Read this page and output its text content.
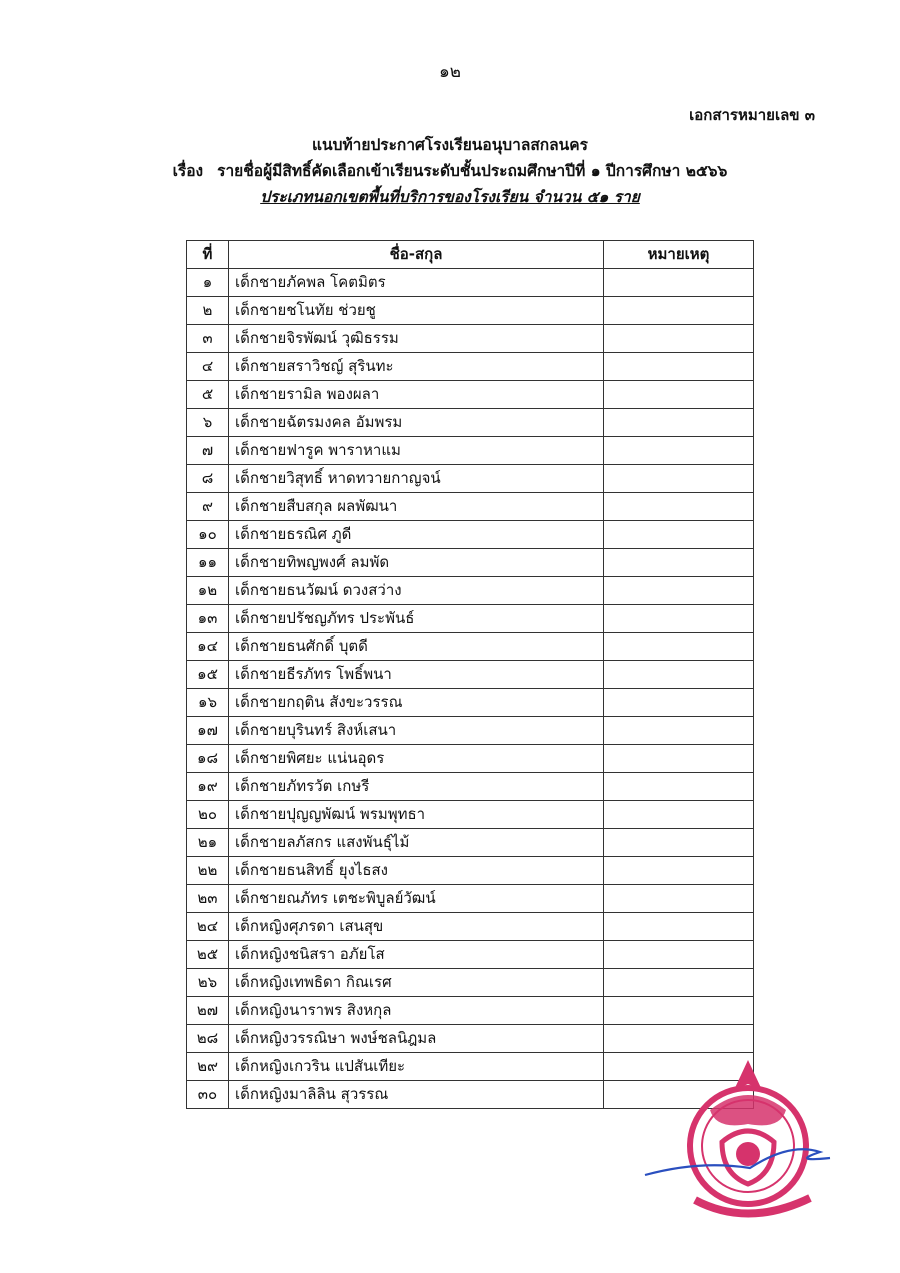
๑๒
เอกสารหมายเลข ๓
แนบท้ายประกาศโรงเรียนอนุบาลสกลนคร
เรื่อง รายชื่อผู้มีสิทธิ์คัดเลือกเข้าเรียนระดับชั้นประถมศึกษาปีที่ ๑ ปีการศึกษา ๒๕๖๖
ประเภทนอกเขตพื้นที่บริการของโรงเรียน จำนวน ๕๑ ราย
ที่	ชื่อ-สกุล	หมายเหตุ
๑	เด็กชายภัคพล โคตมิตร	
๒	เด็กชายชโนทัย ช่วยชู	
๓	เด็กชายจิรพัฒน์ วุฒิธรรม	
๔	เด็กชายสราวิชญ์ สุรินทะ	
๕	เด็กชายรามิล พองผลา	
๖	เด็กชายฉัตรมงคล อัมพรม	
๗	เด็กชายฟารูค พาราหาแม	
๘	เด็กชายวิสุทธิ์ หาดทวายกาญจน์	
๙	เด็กชายสืบสกุล ผลพัฒนา	
๑๐	เด็กชายธรณิศ ภูดี	
๑๑	เด็กชายทิพญพงศ์ ลมพัด	
๑๒	เด็กชายธนวัฒน์ ดวงสว่าง	
๑๓	เด็กชายปรัชญภัทร ประพันธ์	
๑๔	เด็กชายธนศักดิ์ บุตดี	
๑๕	เด็กชายธีรภัทร โพธิ์พนา	
๑๖	เด็กชายกฤติน สังขะวรรณ	
๑๗	เด็กชายบุรินทร์ สิงห์เสนา	
๑๘	เด็กชายพิศยะ แน่นอุดร	
๑๙	เด็กชายภัทรวัต เกษรี	
๒๐	เด็กชายปุญญพัฒน์ พรมพุทธา	
๒๑	เด็กชายลภัสกร แสงพันธุ์ไม้	
๒๒	เด็กชายธนสิทธิ์ ยุงไธสง	
๒๓	เด็กชายณภัทร เตชะพิบูลย์วัฒน์	
๒๔	เด็กหญิงศุภรดา เสนสุข	
๒๕	เด็กหญิงชนิสรา อภัยโส	
๒๖	เด็กหญิงเทพธิดา กิณเรศ	
๒๗	เด็กหญิงนาราพร สิงหกุล	
๒๘	เด็กหญิงวรรณิษา พงษ์ชลนิฎมล	
๒๙	เด็กหญิงเกวริน แปสันเทียะ	
๓๐	เด็กหญิงมาลิลิน สุวรรณ	
